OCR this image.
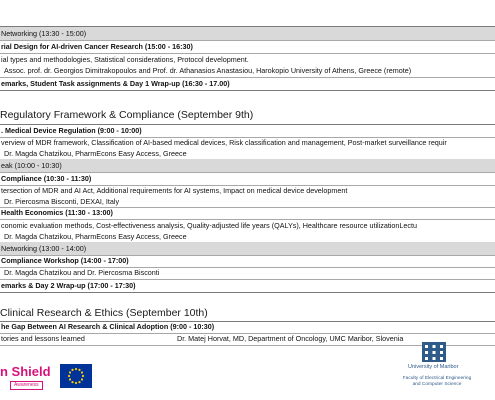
Networking (13:30 - 15:00)
rial Design for AI-driven Cancer Research (15:00 - 16:30)
ial types and methodologies, Statistical considerations, Protocol development.
Assoc. prof. dr. Georgios Dimitrakopoulos and Prof. dr. Athanasios Anastasiou, Harokopio University of Athens, Greece (remote)
emarks, Student Task assignments & Day 1 Wrap-up (16:30 - 17.00)
Regulatory Framework & Compliance (September 9th)
. Medical Device Regulation (9:00 - 10:00)
verview of MDR framework, Classification of AI-based medical devices, Risk classification and management, Post-market surveillance requir
Dr. Magda Chatzikou, PharmEcons Easy Access, Greece
eak (10:00 - 10:30)
Compliance (10:30 - 11:30)
tersection of MDR and AI Act, Additional requirements for AI systems, Impact on medical device development
Dr. Piercosma Bisconti, DEXAI, Italy
Health Economics (11:30 - 13:00)
conomic evaluation methods, Cost-effectiveness analysis, Quality-adjusted life years (QALYs), Healthcare resource utilizationLectu
Dr. Magda Chatzikou, PharmEcons Easy Access, Greece
Networking (13:00 - 14:00)
Compliance Workshop (14:00 - 17:00)
Dr. Magda Chatzikou and Dr. Piercosma Bisconti
emarks & Day 2 Wrap-up (17:00 - 17:30)
Clinical Research & Ethics (September 10th)
he Gap Between AI Research & Clinical Adoption (9:00 - 10:30)
tories and lessons learned	Dr. Matej Horvat, MD, Department of Oncology, UMC Maribor, Slovenia
n Shield
Awareness
University of Maribor
Faculty of Electrical Engineering and Computer Science
